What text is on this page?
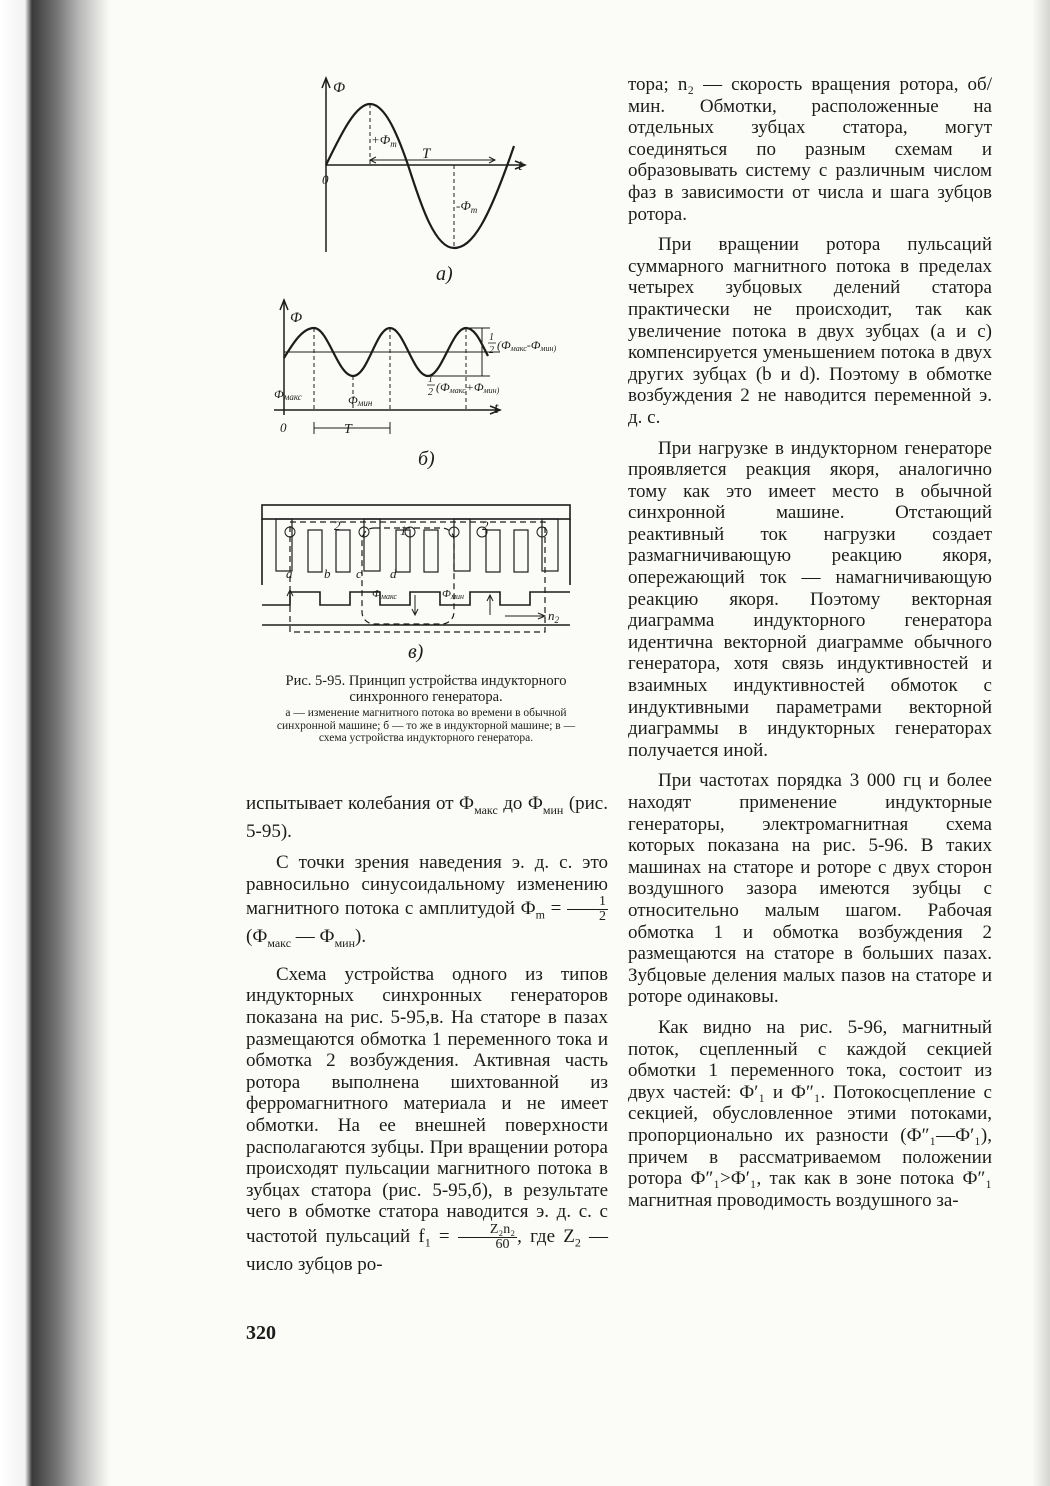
Ф
t
0
$+Ф_m$
T
$-Ф_m$
а)
Ф
t
0	T
Фмакс	Фмин
1
2 (Фмакс-Фмин)
1
2 (Фмакс+Фмин)
б)
2	1	2
a b c d
Фмакс	Фмин
$n_2$
в)
Рис. 5-95. Принцип устройства индукторного синхронного генератора.
а — изменение магнитного потока во времени в обычной синхронной машине; б — то же в индукторной машине; в — схема устройства индукторного генератора.

испытывает колебания от $Ф_{макс}$ до $Ф_{мин}$ (рис. 5-95).

С точки зрения наведения э. д. с. это равносильно синусоидальному изменению магнитного потока с амплитудой $Ф_m = \frac{1}{2}$
($Ф_{макс}$ — $Ф_{мин}$).

Схема устройства одного из типов индукторных синхронных генераторов показана на рис. 5-95,в. На статоре в пазах размещаются обмотка 1 переменного тока и обмотка 2 возбуждения. Активная часть ротора выполнена шихтованной из ферромагнитного материала и не имеет обмотки. На ее внешней поверхности располагаются зубцы. При вращении ротора происходят пульсации магнитного потока в зубцах статора (рис. 5-95,б), в результате чего в обмотке статора наводится э. д. с. с частотой пульсаций $f_1 = \frac{\text{Z₂n₂}}{60}$ , где $Z_2$ — число зубцов ро-

320

тора; n₂ — скорость вращения ротора, об/мин. Обмотки, расположенные на отдельных зубцах статора, могут соединяться по разным схемам и образовывать систему с различным числом фаз в зависимости от числа и шага зубцов ротора.

При вращении ротора пульсаций суммарного магнитного потока в пределах четырех зубцовых делений статора практически не происходит, так как увеличение потока в двух зубцах (а и с) компенсируется уменьшением потока в двух других зубцах (b и d). Поэтому в обмотке возбуждения 2 не наводится переменной э. д. с.

При нагрузке в индукторном генераторе проявляется реакция якоря, аналогично тому как это имеет место в обычной синхронной машине. Отстающий реактивный ток нагрузки создает размагничивающую реакцию якоря, опережающий ток — намагничивающую реакцию якоря. Поэтому векторная диаграмма индукторного генератора идентична векторной диаграмме обычного генератора, хотя связь индуктивностей и взаимных индуктивностей обмоток с индуктивными параметрами векторной диаграммы в индукторных генераторах получается иной.

При частотах порядка 3 000 гц и более находят применение индукторные генераторы, электромагнитная схема которых показана на рис. 5-96. В таких машинах на статоре и роторе с двух сторон воздушного зазора имеются зубцы с относительно малым шагом. Рабочая обмотка 1 и обмотка возбуждения 2 размещаются на статоре в больших пазах. Зубцовые деления малых пазов на статоре и роторе одинаковы.

Как видно на рис. 5-96, магнитный поток, сцепленный с каждой секцией обмотки 1 переменного тока, состоит из двух частей: Ф′₁ и Ф″₁. Потокосцепление с секцией, обусловленное этими потоками, пропорционально их разности (Ф″₁—Ф′₁), причем в рассматриваемом положении ротора Ф″₁>Ф′₁, так как в зоне потока Ф″₁ магнитная проводимость воздушного за-
